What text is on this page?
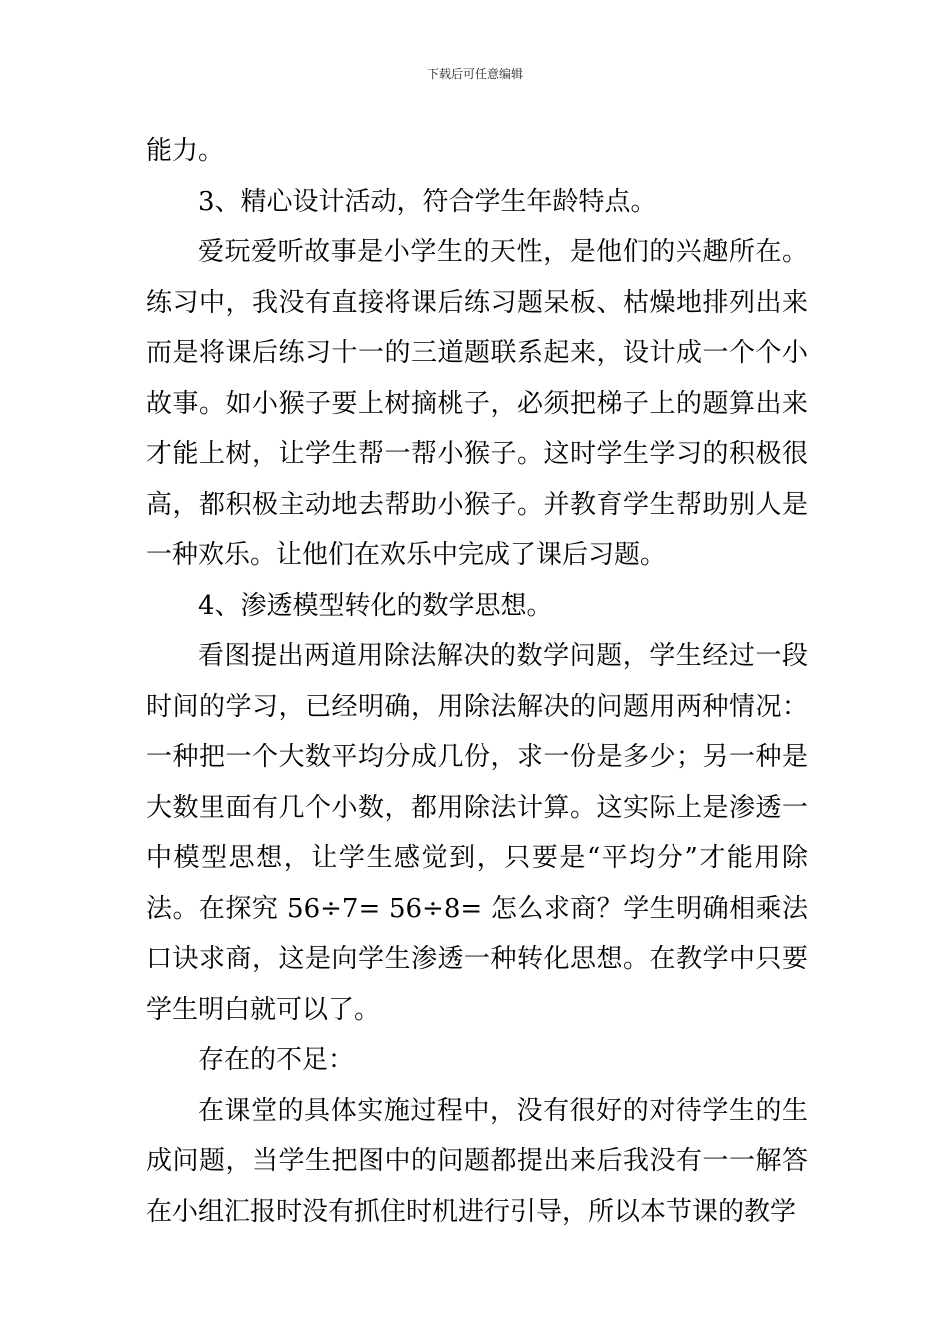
下载后可任意编辑

能力。

3、精心设计活动，符合学生年龄特点。

爱玩爱听故事是小学生的天性，是他们的兴趣所在。练习中，我没有直接将课后练习题呆板、枯燥地排列出来而是将课后练习十一的三道题联系起来，设计成一个个小故事。如小猴子要上树摘桃子，必须把梯子上的题算出来才能上树，让学生帮一帮小猴子。这时学生学习的积极很高，都积极主动地去帮助小猴子。并教育学生帮助别人是一种欢乐。让他们在欢乐中完成了课后习题。

4、渗透模型转化的数学思想。

看图提出两道用除法解决的数学问题，学生经过一段时间的学习，已经明确，用除法解决的问题用两种情况：一种把一个大数平均分成几份，求一份是多少；另一种是大数里面有几个小数，都用除法计算。这实际上是渗透一中模型思想，让学生感觉到，只要是“平均分”才能用除法。在探究 56÷7= 56÷8= 怎么求商？学生明确相乘法口诀求商，这是向学生渗透一种转化思想。在教学中只要学生明白就可以了。

存在的不足：

在课堂的具体实施过程中，没有很好的对待学生的生成问题，当学生把图中的问题都提出来后我没有一一解答在小组汇报时没有抓住时机进行引导，所以本节课的教学
